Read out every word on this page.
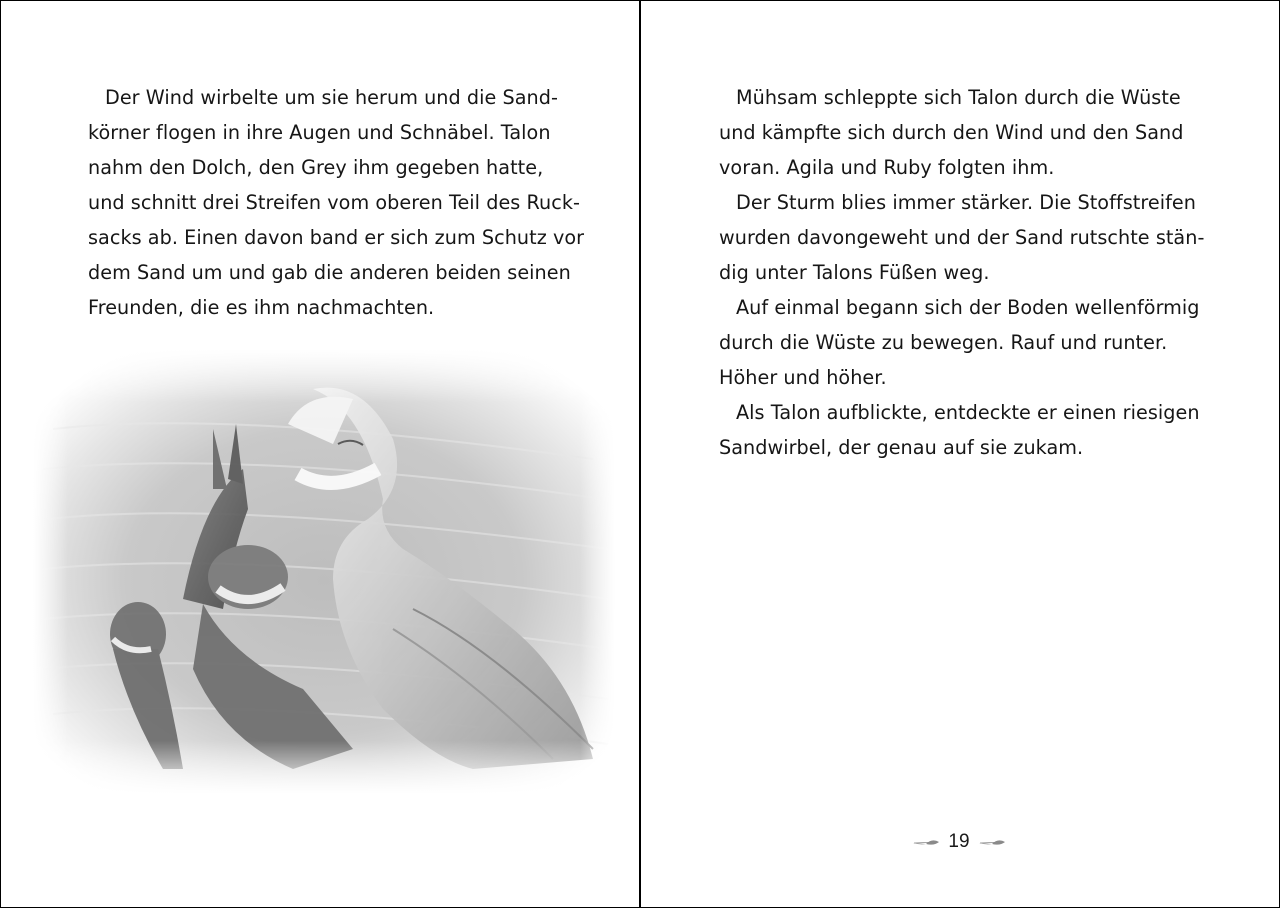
Der Wind wirbelte um sie herum und die Sand-
körner flogen in ihre Augen und Schnäbel. Talon
nahm den Dolch, den Grey ihm gegeben hatte,
und schnitt drei Streifen vom oberen Teil des Ruck-
sacks ab. Einen davon band er sich zum Schutz vor
dem Sand um und gab die anderen beiden seinen
Freunden, die es ihm nachmachten.
Mühsam schleppte sich Talon durch die Wüste
und kämpfte sich durch den Wind und den Sand
voran. Agila und Ruby folgten ihm.
Der Sturm blies immer stärker. Die Stoffstreifen
wurden davongeweht und der Sand rutschte stän-
dig unter Talons Füßen weg.
Auf einmal begann sich der Boden wellenförmig
durch die Wüste zu bewegen. Rauf und runter.
Höher und höher.
Als Talon aufblickte, entdeckte er einen riesigen
Sandwirbel, der genau auf sie zukam.
19
